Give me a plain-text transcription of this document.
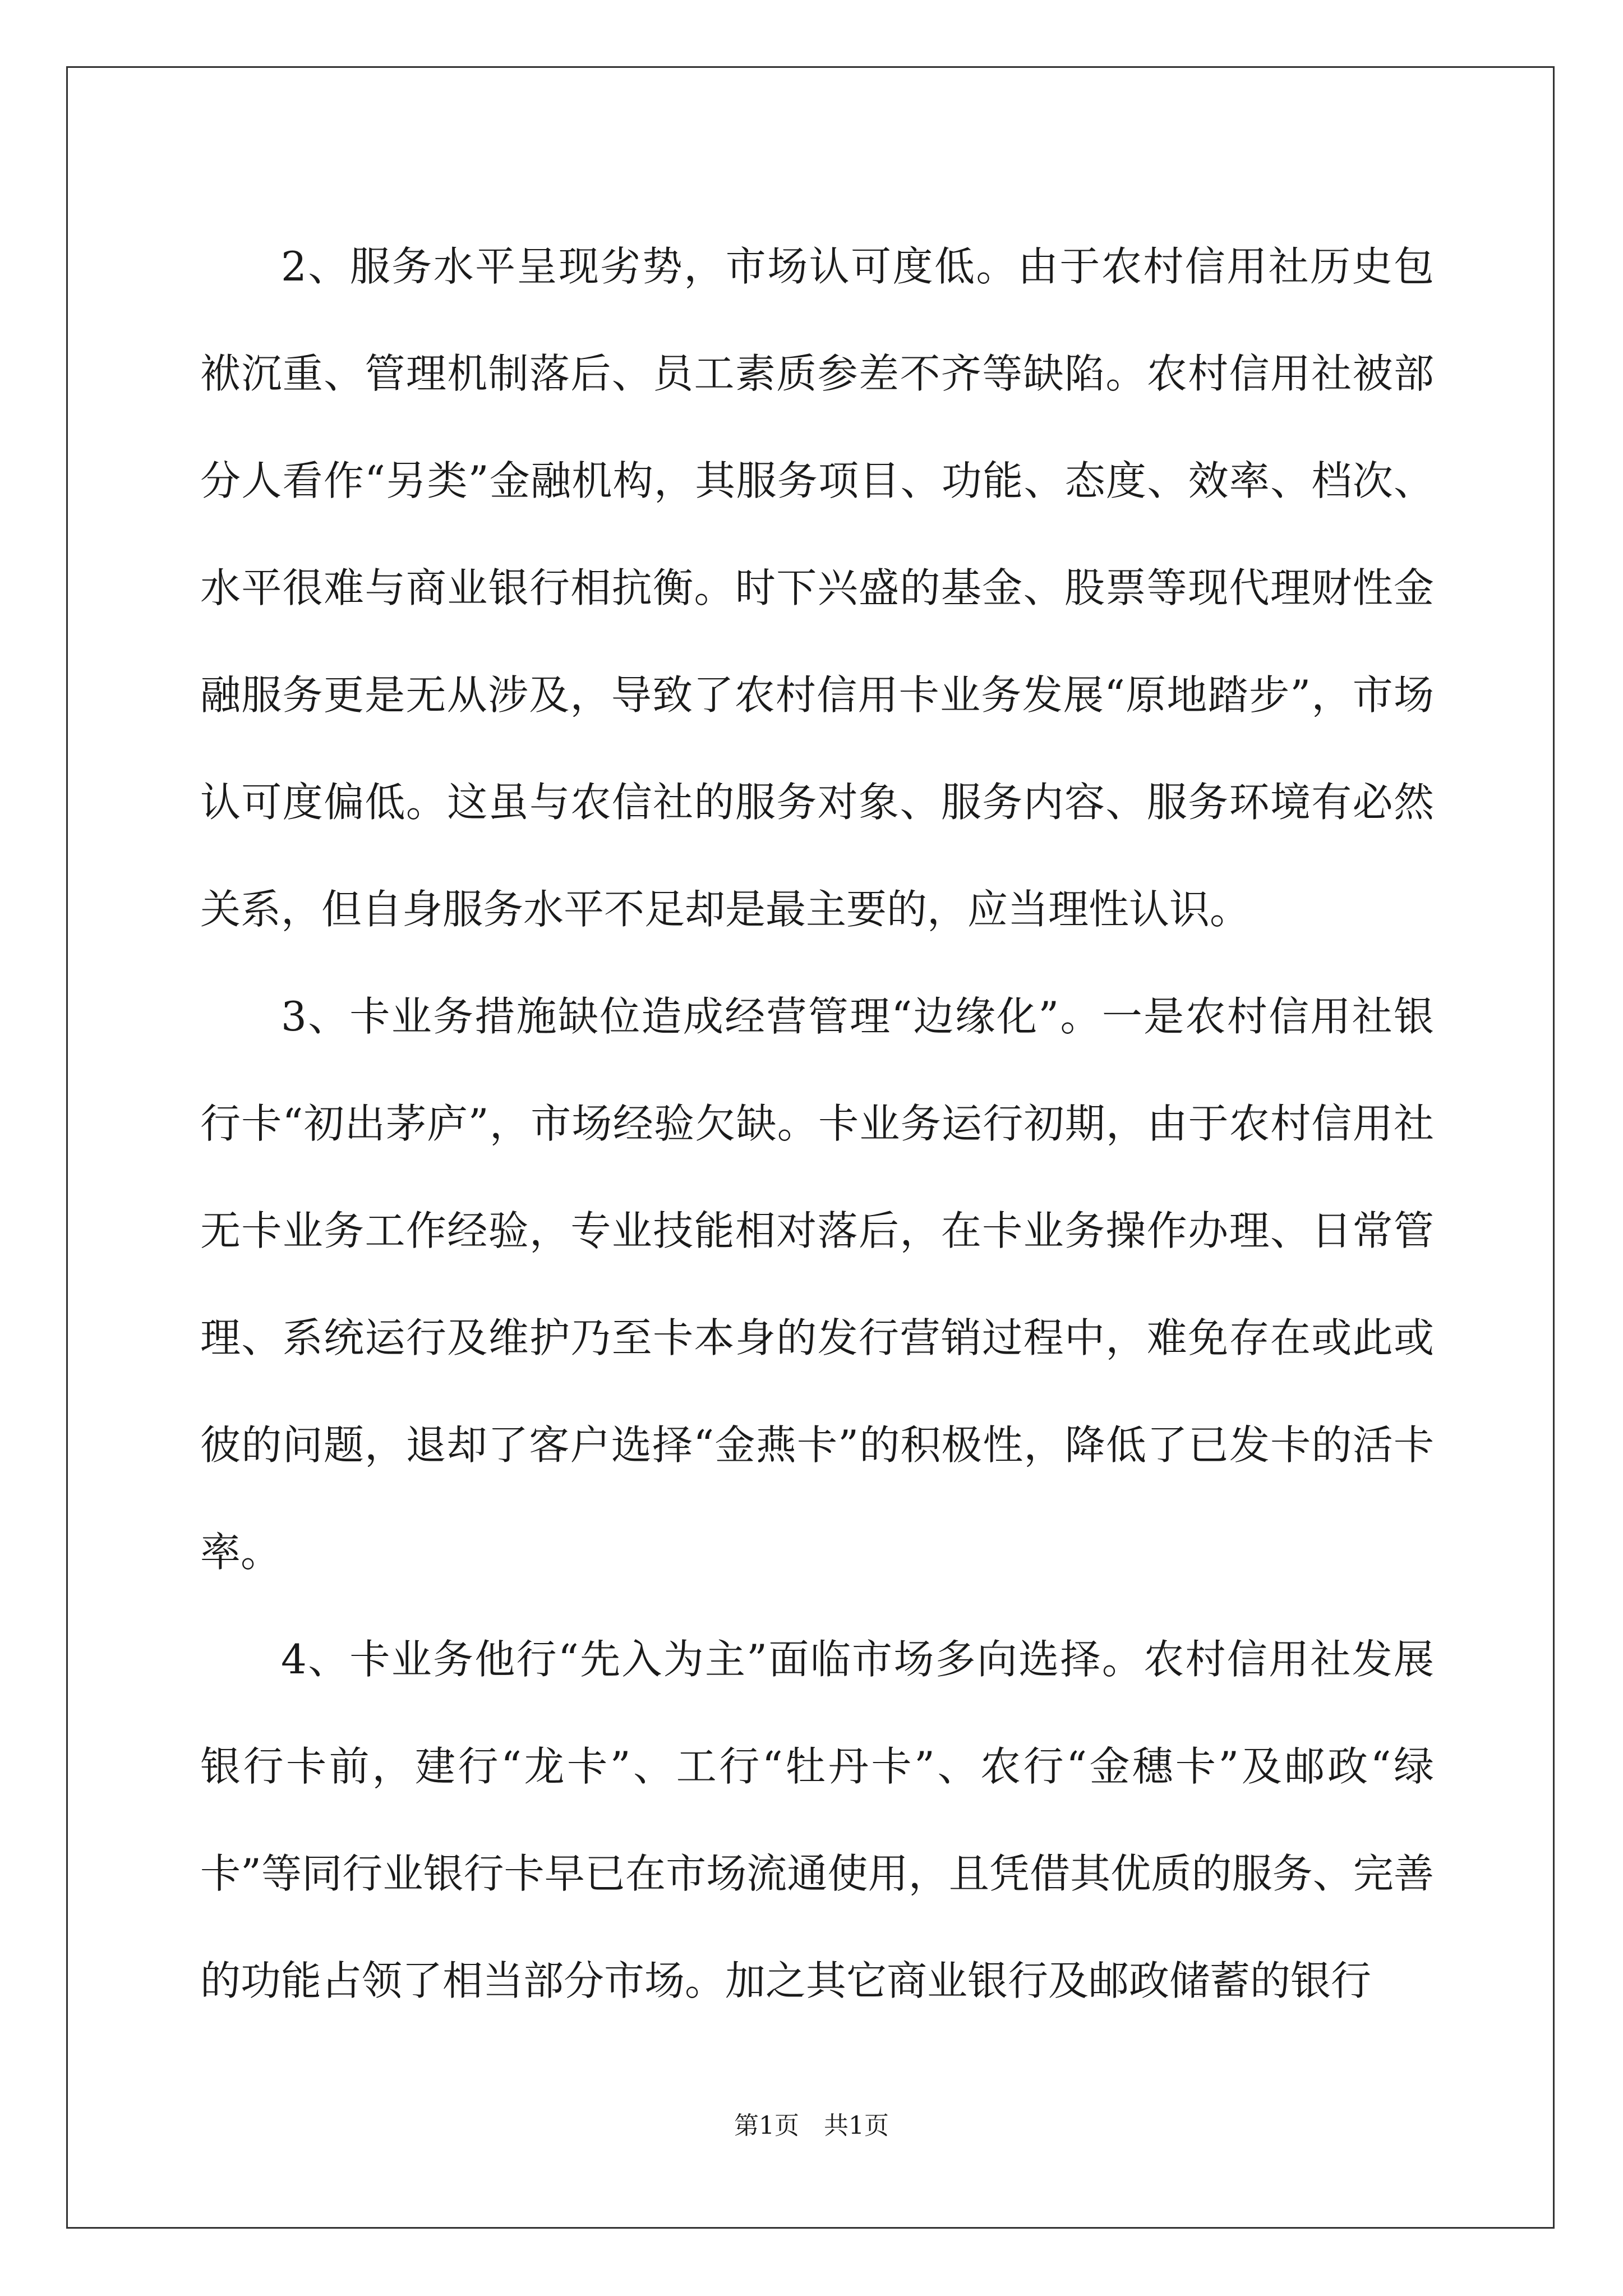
2、服务水平呈现劣势，市场认可度低。由于农村信用社历史包袱沉重、管理机制落后、员工素质参差不齐等缺陷。农村信用社被部分人看作“另类”金融机构，其服务项目、功能、态度、效率、档次、水平很难与商业银行相抗衡。时下兴盛的基金、股票等现代理财性金融服务更是无从涉及，导致了农村信用卡业务发展“原地踏步”，市场认可度偏低。这虽与农信社的服务对象、服务内容、服务环境有必然关系，但自身服务水平不足却是最主要的，应当理性认识。

3、卡业务措施缺位造成经营管理“边缘化”。一是农村信用社银行卡“初出茅庐”，市场经验欠缺。卡业务运行初期，由于农村信用社无卡业务工作经验，专业技能相对落后，在卡业务操作办理、日常管理、系统运行及维护乃至卡本身的发行营销过程中，难免存在或此或彼的问题，退却了客户选择“金燕卡”的积极性，降低了已发卡的活卡率。

4、卡业务他行“先入为主”面临市场多向选择。农村信用社发展银行卡前，建行“龙卡”、工行“牡丹卡”、农行“金穗卡”及邮政“绿卡”等同行业银行卡早已在市场流通使用，且凭借其优质的服务、完善的功能占领了相当部分市场。加之其它商业银行及邮政储蓄的银行

第1页　共1页
